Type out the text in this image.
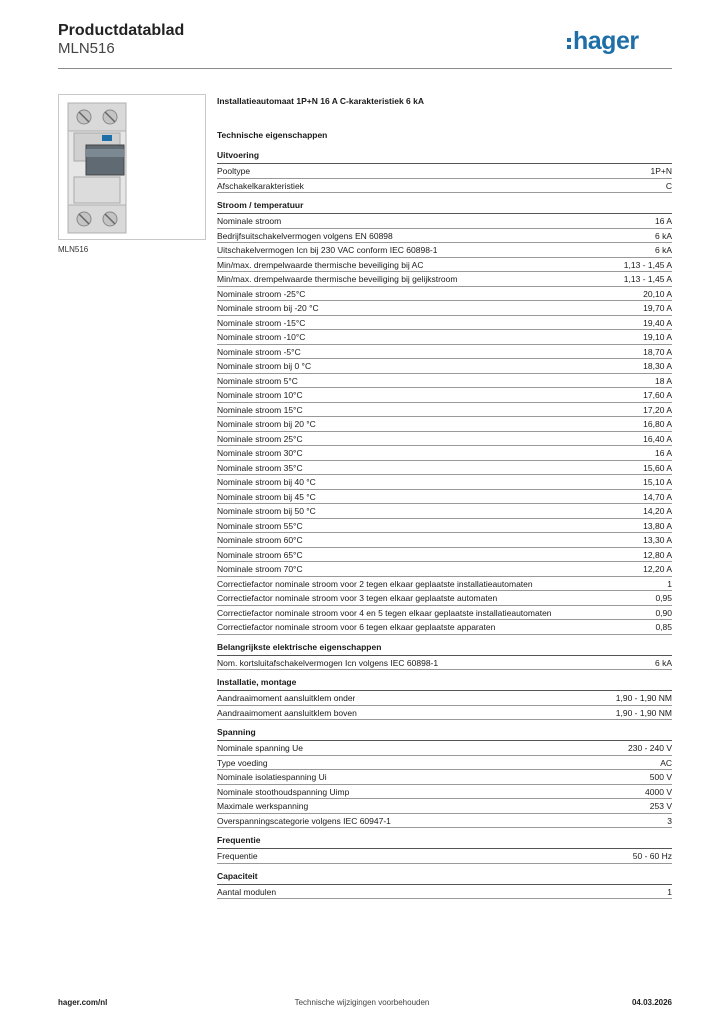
Productdatablad
MLN516	hager
MLN516
Installatieautomaat 1P+N 16 A C-karakteristiek 6 kA
Technische eigenschappen
Uitvoering
Pooltype	1P+N
Afschakelkarakteristiek	C
Stroom / temperatuur
Nominale stroom	16 A
Bedrijfsuitschakelvermogen volgens EN 60898	6 kA
Uitschakelvermogen Icn bij 230 VAC conform IEC 60898-1	6 kA
Min/max. drempelwaarde thermische beveiliging bij AC	1,13 - 1,45 A
Min/max. drempelwaarde thermische beveiliging bij gelijkstroom	1,13 - 1,45 A
Nominale stroom -25°C	20,10 A
Nominale stroom bij -20 °C	19,70 A
Nominale stroom -15°C	19,40 A
Nominale stroom -10°C	19,10 A
Nominale stroom -5°C	18,70 A
Nominale stroom bij 0 °C	18,30 A
Nominale stroom 5°C	18 A
Nominale stroom 10°C	17,60 A
Nominale stroom 15°C	17,20 A
Nominale stroom bij 20 °C	16,80 A
Nominale stroom 25°C	16,40 A
Nominale stroom 30°C	16 A
Nominale stroom 35°C	15,60 A
Nominale stroom bij 40 °C	15,10 A
Nominale stroom bij 45 °C	14,70 A
Nominale stroom bij 50 °C	14,20 A
Nominale stroom 55°C	13,80 A
Nominale stroom 60°C	13,30 A
Nominale stroom 65°C	12,80 A
Nominale stroom 70°C	12,20 A
Correctiefactor nominale stroom voor 2 tegen elkaar geplaatste installatieautomaten	1
Correctiefactor nominale stroom voor 3 tegen elkaar geplaatste automaten	0,95
Correctiefactor nominale stroom voor 4 en 5 tegen elkaar geplaatste installatieautomaten	0,90
Correctiefactor nominale stroom voor 6 tegen elkaar geplaatste apparaten	0,85
Belangrijkste elektrische eigenschappen
Nom. kortsluitafschakelvermogen Icn volgens IEC 60898-1	6 kA
Installatie, montage
Aandraaimoment aansluitklem onder	1,90 - 1,90 NM
Aandraaimoment aansluitklem boven	1,90 - 1,90 NM
Spanning
Nominale spanning Ue	230 - 240 V
Type voeding	AC
Nominale isolatiespanning Ui	500 V
Nominale stoothoudspanning Uimp	4000 V
Maximale werkspanning	253 V
Overspanningscategorie volgens IEC 60947-1	3
Frequentie
Frequentie	50 - 60 Hz
Capaciteit
Aantal modulen	1
hager.com/nl	Technische wijzigingen voorbehouden	04.03.2026
